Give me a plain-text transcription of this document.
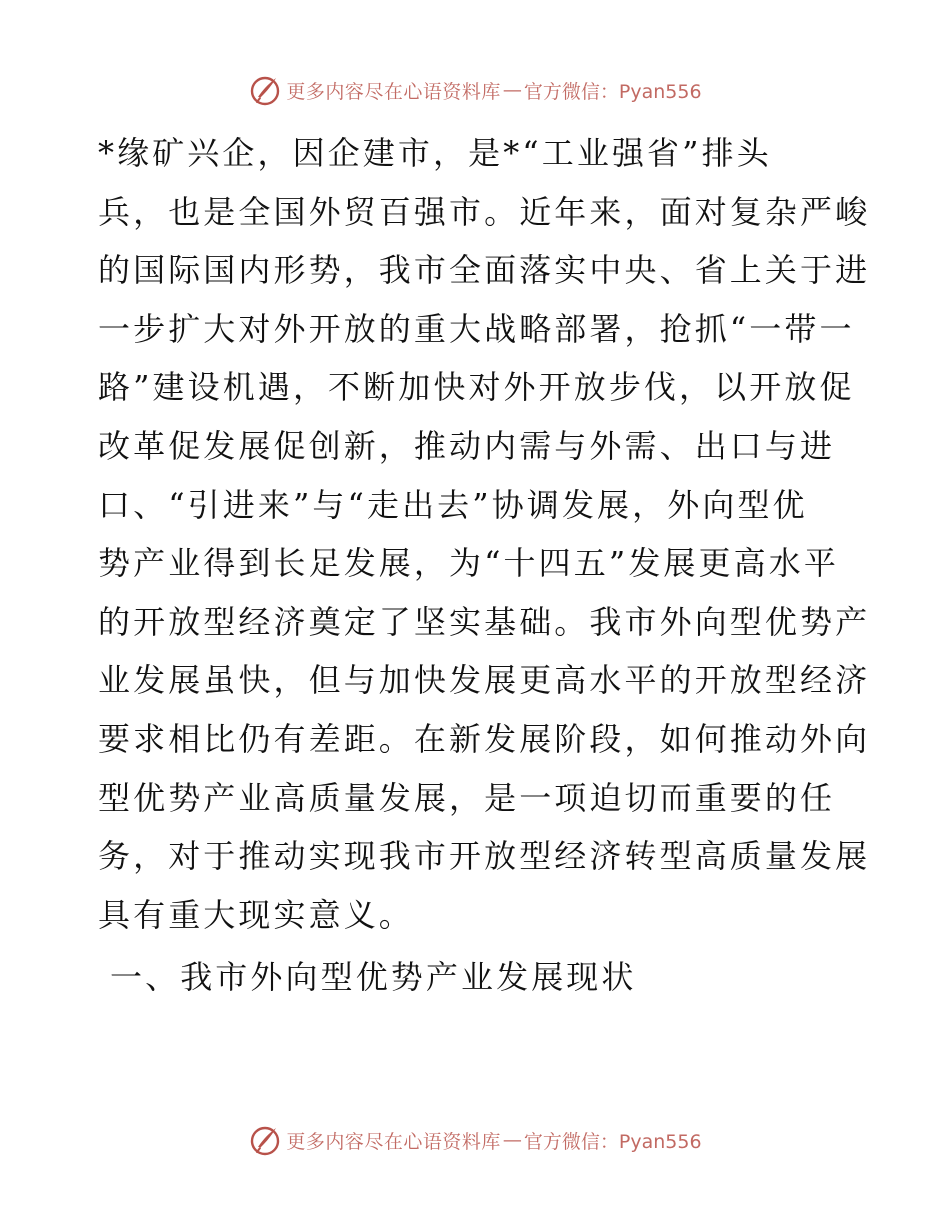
更多内容尽在心语资料库 — 官方微信：Pyan556
*缘矿兴企，因企建市，是*“工业强省”排头
兵，也是全国外贸百强市。近年来，面对复杂严峻
的国际国内形势，我市全面落实中央、省上关于进
一步扩大对外开放的重大战略部署，抢抓“一带一
路”建设机遇，不断加快对外开放步伐，以开放促
改革促发展促创新，推动内需与外需、出口与进
口、“引进来”与“走出去”协调发展，外向型优
势产业得到长足发展，为“十四五”发展更高水平
的开放型经济奠定了坚实基础。我市外向型优势产
业发展虽快，但与加快发展更高水平的开放型经济
要求相比仍有差距。在新发展阶段，如何推动外向
型优势产业高质量发展，是一项迫切而重要的任
务，对于推动实现我市开放型经济转型高质量发展
具有重大现实意义。
一、我市外向型优势产业发展现状
更多内容尽在心语资料库 — 官方微信：Pyan556
